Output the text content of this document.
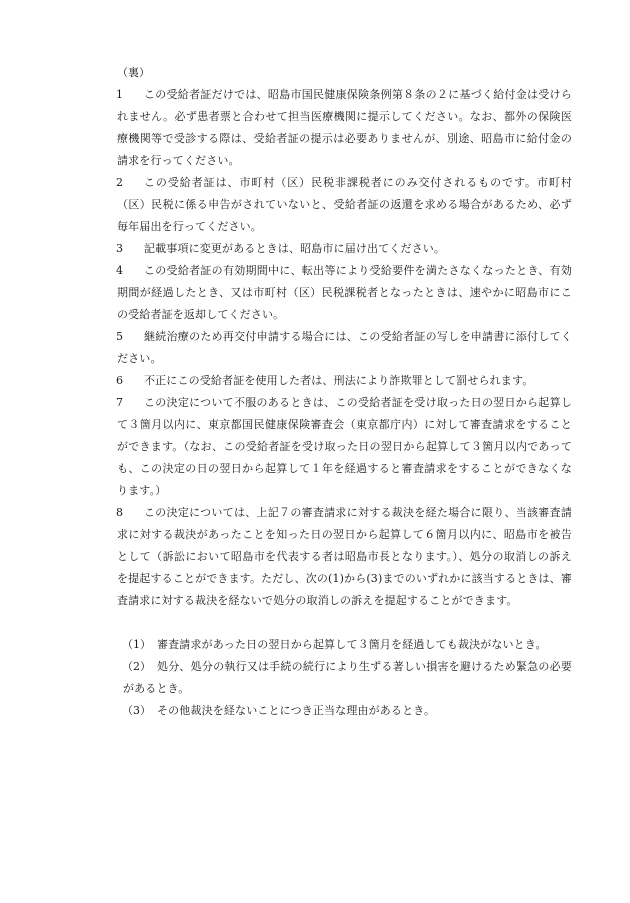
（裏）
1	この受給者証だけでは、昭島市国民健康保険条例第８条の２に基づく給付金は受けられません。必ず患者票と合わせて担当医療機関に提示してください。なお、都外の保険医療機関等で受診する際は、受給者証の提示は必要ありませんが、別途、昭島市に給付金の請求を行ってください。
2	この受給者証は、市町村（区）民税非課税者にのみ交付されるものです。市町村（区）民税に係る申告がされていないと、受給者証の返還を求める場合があるため、必ず毎年届出を行ってください。
3	記載事項に変更があるときは、昭島市に届け出てください。
4	この受給者証の有効期間中に、転出等により受給要件を満たさなくなったとき、有効期間が経過したとき、又は市町村（区）民税課税者となったときは、速やかに昭島市にこの受給者証を返却してください。
5	継続治療のため再交付申請する場合には、この受給者証の写しを申請書に添付してください。
6	不正にこの受給者証を使用した者は、刑法により詐欺罪として罰せられます。
7	この決定について不服のあるときは、この受給者証を受け取った日の翌日から起算して３箇月以内に、東京都国民健康保険審査会（東京都庁内）に対して審査請求をすることができます。（なお、この受給者証を受け取った日の翌日から起算して３箇月以内であっても、この決定の日の翌日から起算して１年を経過すると審査請求をすることができなくなります。）
8	この決定については、上記７の審査請求に対する裁決を経た場合に限り、当該審査請求に対する裁決があったことを知った日の翌日から起算して６箇月以内に、昭島市を被告として（訴訟において昭島市を代表する者は昭島市長となります。）、処分の取消しの訴えを提起することができます。ただし、次の(1)から(3)までのいずれかに該当するときは、審査請求に対する裁決を経ないで処分の取消しの訴えを提起することができます。
（1） 審査請求があった日の翌日から起算して３箇月を経過しても裁決がないとき。
（2） 処分、処分の執行又は手続の続行により生ずる著しい損害を避けるため緊急の必要があるとき。
（3） その他裁決を経ないことにつき正当な理由があるとき。
